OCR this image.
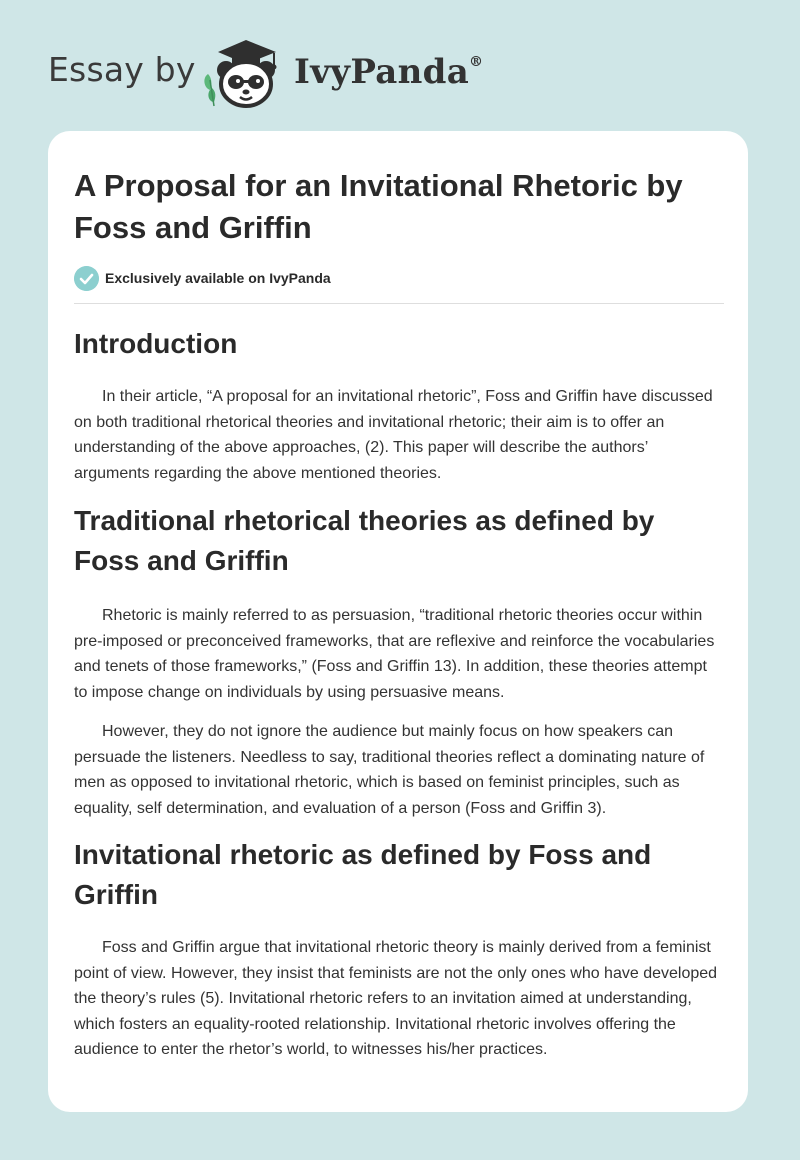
Essay by	IvyPanda®
A Proposal for an Invitational Rhetoric by Foss and Griffin
Exclusively available on IvyPanda
Introduction

In their article, “A proposal for an invitational rhetoric”, Foss and Griffin have discussed on both traditional rhetorical theories and invitational rhetoric; their aim is to offer an understanding of the above approaches, (2). This paper will describe the authors’ arguments regarding the above mentioned theories.

Traditional rhetorical theories as defined by Foss and Griffin

Rhetoric is mainly referred to as persuasion, “traditional rhetoric theories occur within pre-imposed or preconceived frameworks, that are reflexive and reinforce the vocabularies and tenets of those frameworks,” (Foss and Griffin 13). In addition, these theories attempt to impose change on individuals by using persuasive means.

However, they do not ignore the audience but mainly focus on how speakers can persuade the listeners. Needless to say, traditional theories reflect a dominating nature of men as opposed to invitational rhetoric, which is based on feminist principles, such as equality, self determination, and evaluation of a person (Foss and Griffin 3).

Invitational rhetoric as defined by Foss and Griffin

Foss and Griffin argue that invitational rhetoric theory is mainly derived from a feminist point of view. However, they insist that feminists are not the only ones who have developed the theory’s rules (5). Invitational rhetoric refers to an invitation aimed at understanding, which fosters an equality-rooted relationship. Invitational rhetoric involves offering the audience to enter the rhetor’s world, to witnesses his/her practices.
